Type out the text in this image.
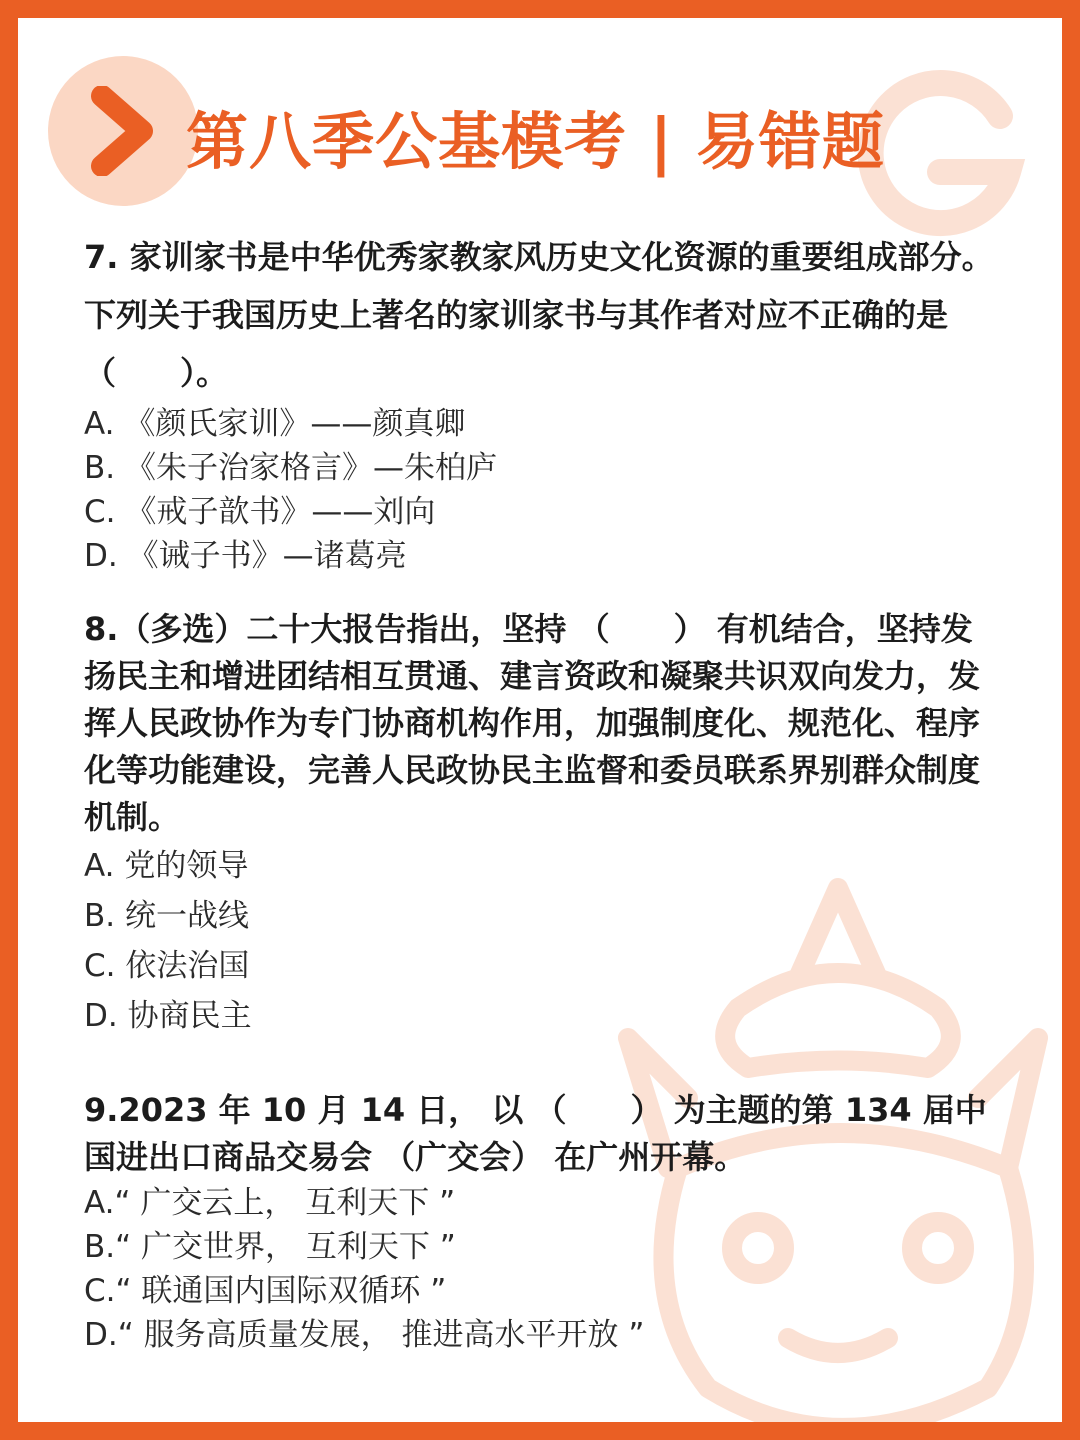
第八季公基模考 | 易错题

7. 家训家书是中华优秀家教家风历史文化资源的重要组成部分。下列关于我国历史上著名的家训家书与其作者对应不正确的是 （　　）。

A. 《颜氏家训》——颜真卿
B. 《朱子治家格言》—朱柏庐
C. 《戒子歆书》——刘向
D. 《诫子书》—诸葛亮

8.（多选）二十大报告指出，坚持 （　　） 有机结合，坚持发扬民主和增进团结相互贯通、建言资政和凝聚共识双向发力，发挥人民政协作为专门协商机构作用，加强制度化、规范化、程序化等功能建设，完善人民政协民主监督和委员联系界别群众制度机制。

A. 党的领导
B. 统一战线
C. 依法治国
D. 协商民主

9.2023 年 10 月 14 日， 以 （　　） 为主题的第 134 届中国进出口商品交易会 （广交会） 在广州开幕。

A.“ 广交云上， 互利天下 ”
B.“ 广交世界， 互利天下 ”
C.“ 联通国内国际双循环 ”
D.“ 服务高质量发展， 推进高水平开放 ”
